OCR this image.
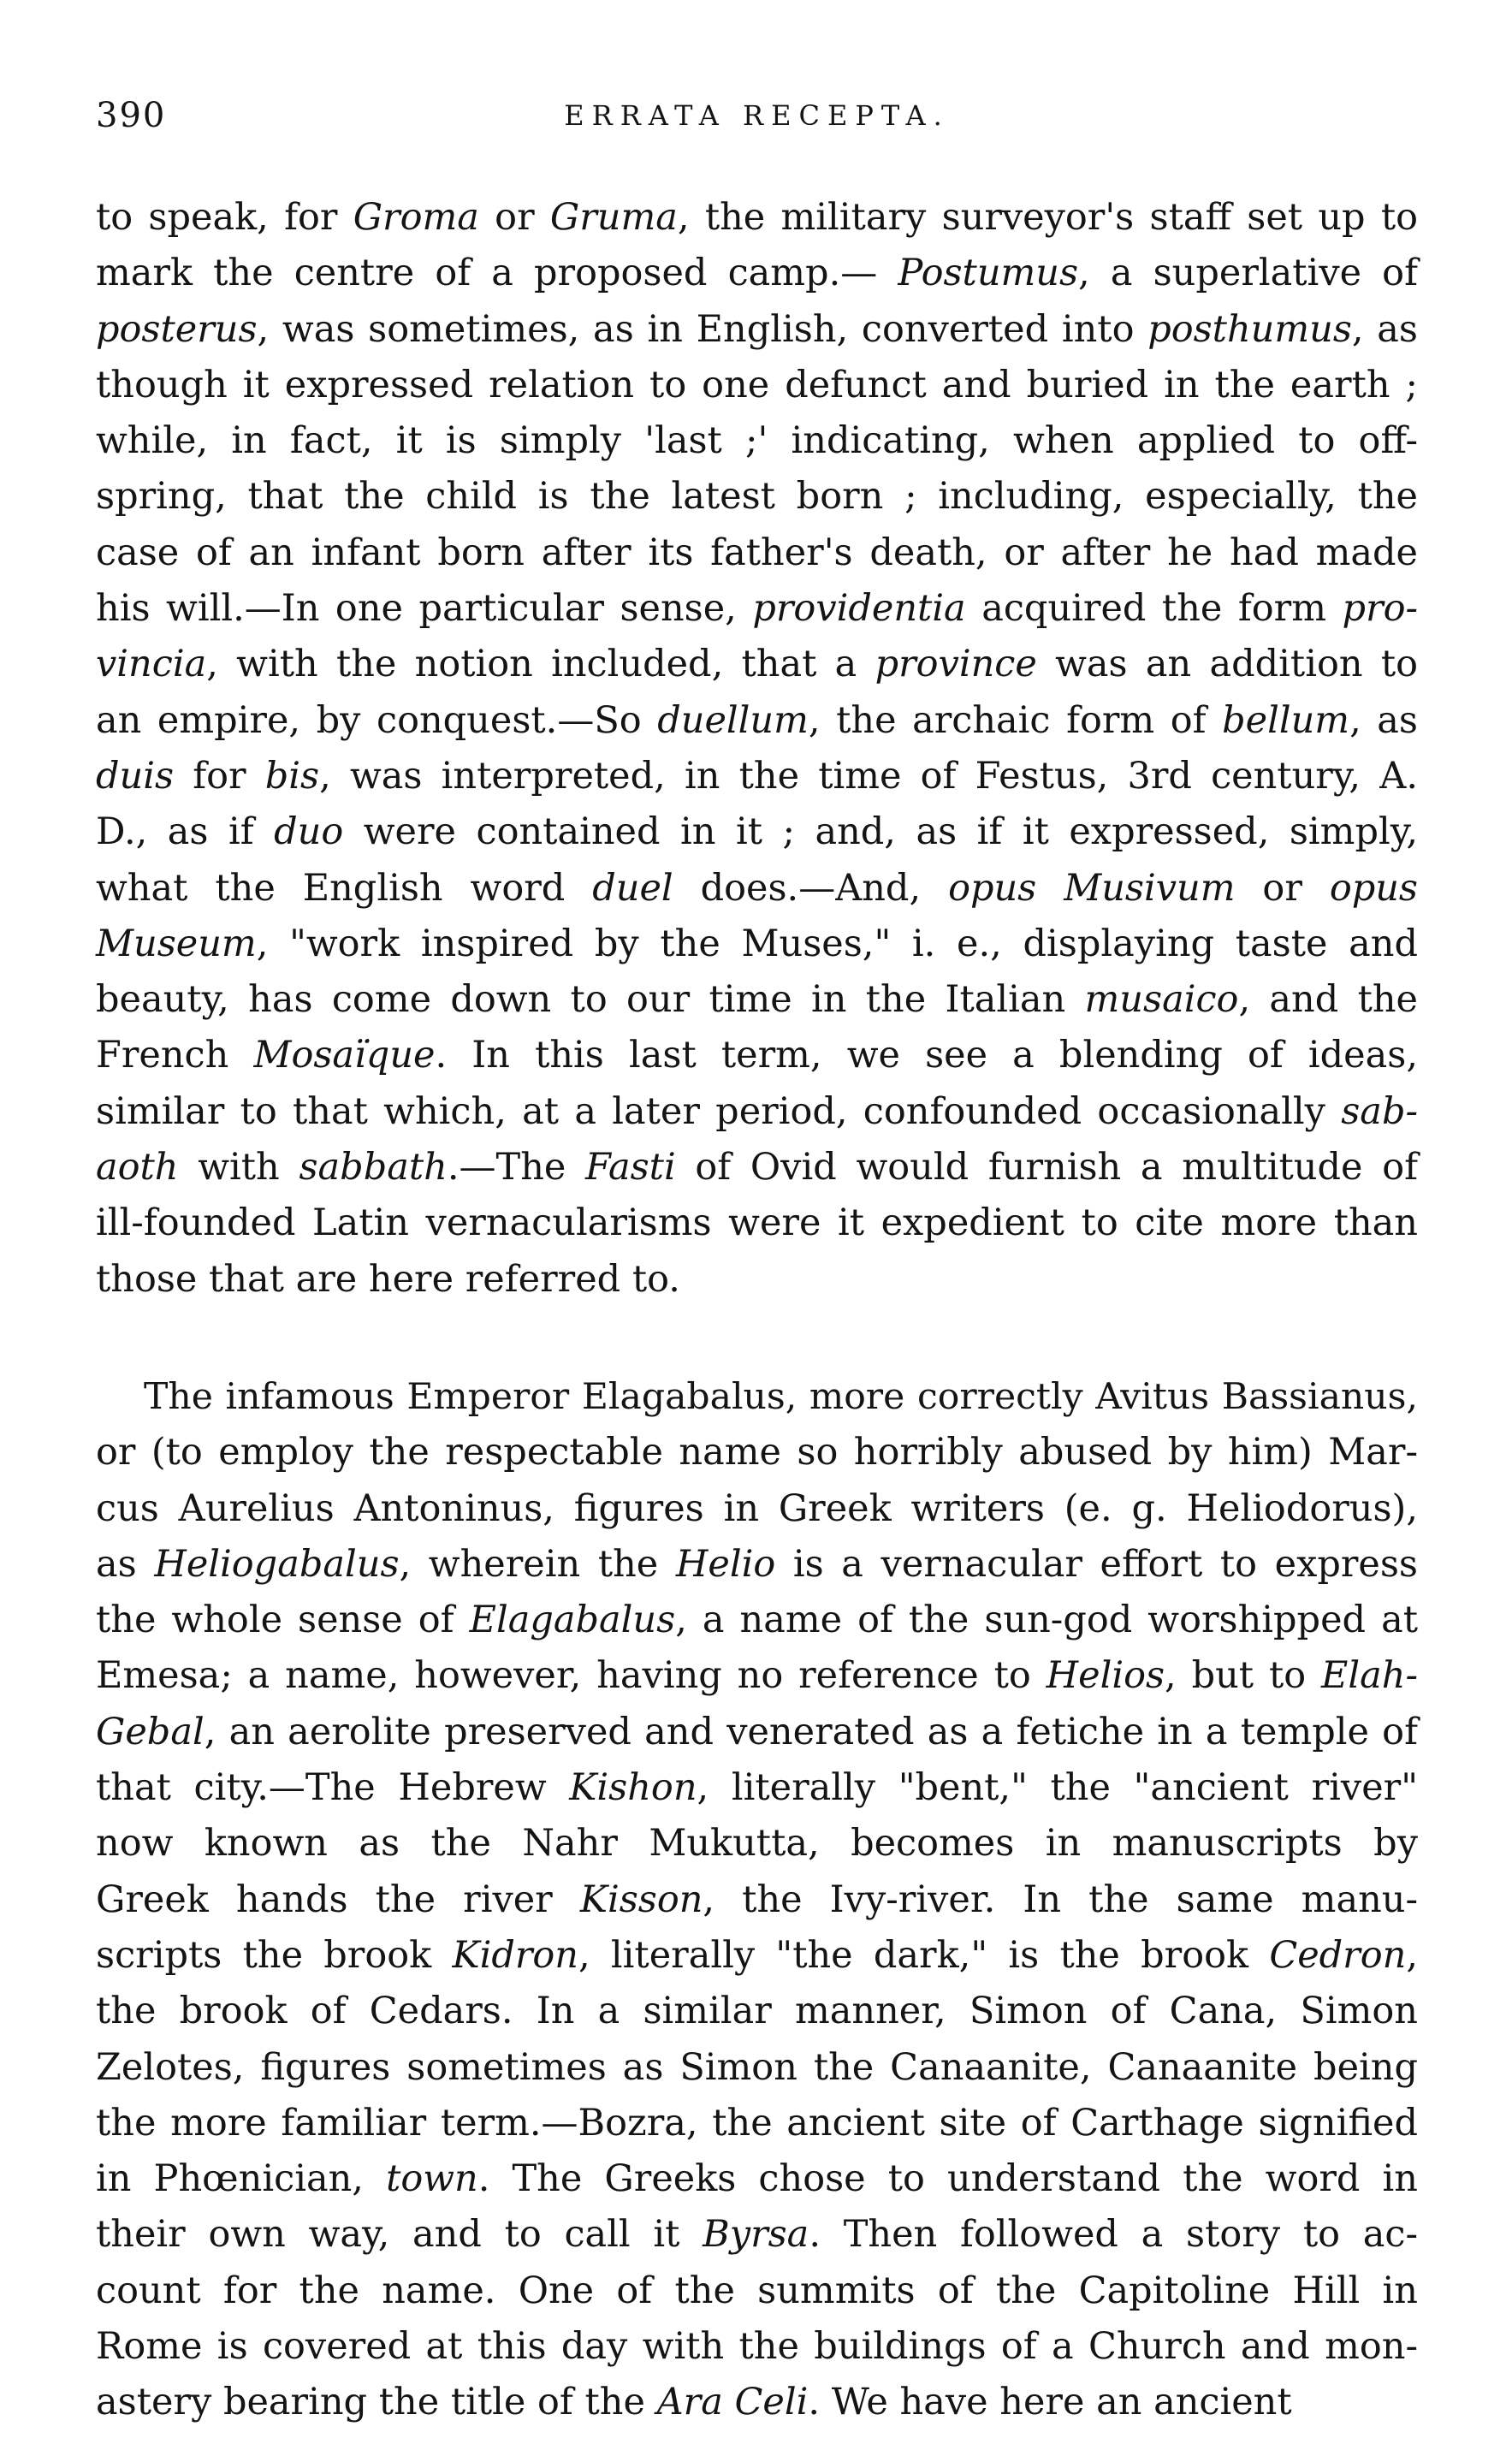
390	ERRATA RECEPTA.
to speak, for Groma or Gruma, the military surveyor's staff set up to
mark the centre of a proposed camp.— Postumus, a superlative of
posterus, was sometimes, as in English, converted into posthumus, as
though it expressed relation to one defunct and buried in the earth ;
while, in fact, it is simply 'last ;' indicating, when applied to off-
spring, that the child is the latest born ; including, especially, the
case of an infant born after its father's death, or after he had made
his will.—In one particular sense, providentia acquired the form pro-
vincia, with the notion included, that a province was an addition to
an empire, by conquest.—So duellum, the archaic form of bellum, as
duis for bis, was interpreted, in the time of Festus, 3rd century, A.
D., as if duo were contained in it ; and, as if it expressed, simply,
what the English word duel does.—And, opus Musivum or opus
Museum, "work inspired by the Muses," i. e., displaying taste and
beauty, has come down to our time in the Italian musaico, and the
French Mosaïque. In this last term, we see a blending of ideas,
similar to that which, at a later period, confounded occasionally sab-
aoth with sabbath.—The Fasti of Ovid would furnish a multitude of
ill-founded Latin vernacularisms were it expedient to cite more than
those that are here referred to.
The infamous Emperor Elagabalus, more correctly Avitus Bassianus,
or (to employ the respectable name so horribly abused by him) Mar-
cus Aurelius Antoninus, figures in Greek writers (e. g. Heliodorus),
as Heliogabalus, wherein the Helio is a vernacular effort to express
the whole sense of Elagabalus, a name of the sun-god worshipped at
Emesa; a name, however, having no reference to Helios, but to Elah-
Gebal, an aerolite preserved and venerated as a fetiche in a temple of
that city.—The Hebrew Kishon, literally "bent," the "ancient river"
now known as the Nahr Mukutta, becomes in manuscripts by
Greek hands the river Kisson, the Ivy-river. In the same manu-
scripts the brook Kidron, literally "the dark," is the brook Cedron,
the brook of Cedars. In a similar manner, Simon of Cana, Simon
Zelotes, figures sometimes as Simon the Canaanite, Canaanite being
the more familiar term.—Bozra, the ancient site of Carthage signified
in Phœnician, town. The Greeks chose to understand the word in
their own way, and to call it Byrsa. Then followed a story to ac-
count for the name. One of the summits of the Capitoline Hill in
Rome is covered at this day with the buildings of a Church and mon-
astery bearing the title of the Ara Celi. We have here an ancient
